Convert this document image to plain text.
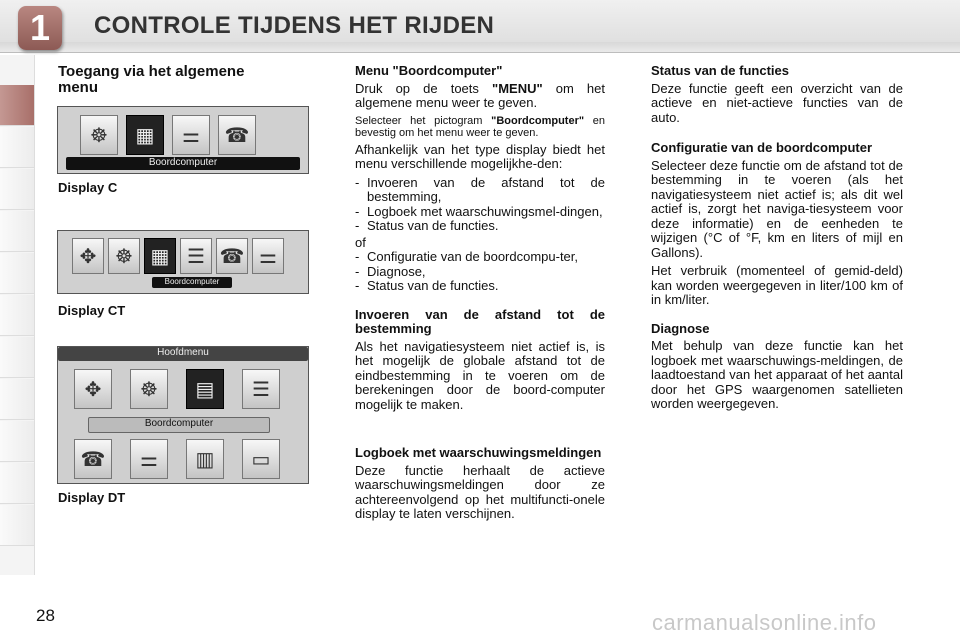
1	CONTROLE TIJDENS HET RIJDEN
Toegang via het algemene menu
☸	▦	⚌	☎
Boordcomputer
Display C
✥ ☸ ▦ ☰ ☎ ⚌
Boordcomputer
Display CT
Hoofdmenu
✥	☸	▤	☰
Boordcomputer
☎	⚌	▥	▭
Display DT
Menu "Boordcomputer"

Druk op de toets "MENU" om het algemene menu weer te geven.

Selecteer het pictogram "Boordcomputer" en bevestig om het menu weer te geven.

Afhankelijk van het type display biedt het menu verschillende mogelijkhe-den:

- Invoeren van de afstand tot de bestemming,
- Logboek met waarschuwingsmel-dingen,
- Status van de functies.

of

- Configuratie van de boordcompu-ter,
- Diagnose,
- Status van de functies.
Invoeren van de afstand tot de bestemming

Als het navigatiesysteem niet actief is, is het mogelijk de globale afstand tot de eindbestemming in te voeren om de berekeningen door de boord-computer mogelijk te maken.

Logboek met waarschuwingsmeldingen

Deze functie herhaalt de actieve waarschuwingsmeldingen door ze achtereenvolgend op het multifuncti-onele display te laten verschijnen.

Status van de functies

Deze functie geeft een overzicht van de actieve en niet-actieve functies van de auto.

Configuratie van de boordcomputer

Selecteer deze functie om de afstand tot de bestemming in te voeren (als het navigatiesysteem niet actief is; als dit wel actief is, zorgt het naviga-tiesysteem voor deze informatie) en de eenheden te wijzigen (°C of °F, km en liters of mijl en Gallons).

Het verbruik (momenteel of gemid-deld) kan worden weergegeven in liter/100 km of in km/liter.

Diagnose

Met behulp van deze functie kan het logboek met waarschuwings-meldingen, de laadtoestand van het apparaat of het aantal door het GPS waargenomen satellieten worden weergegeven.

28	carmanualsonline.info
